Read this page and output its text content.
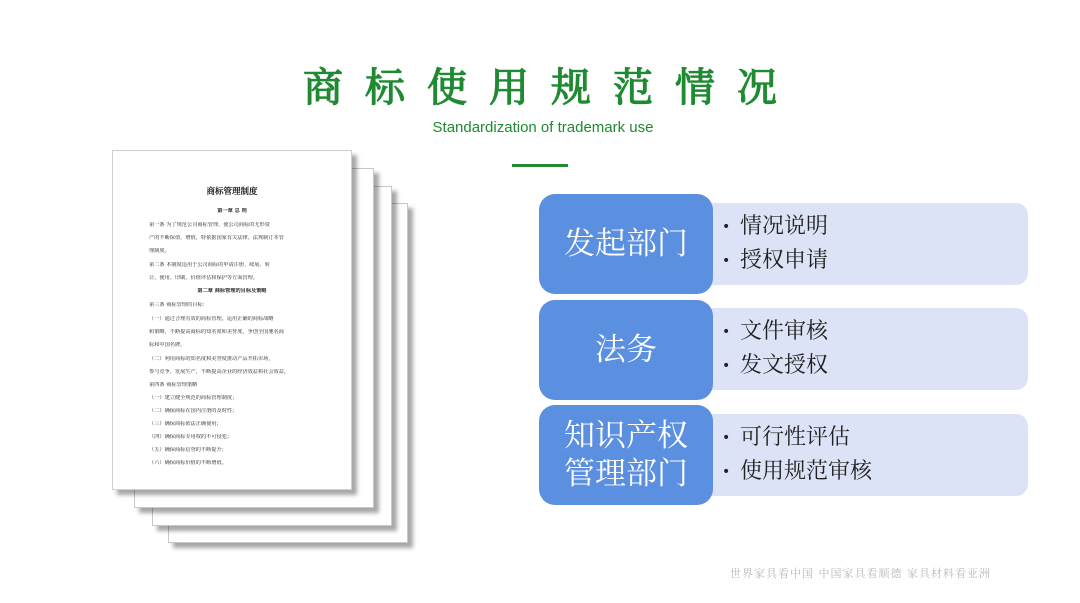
商标使用规范情况
Standardization of trademark use
商标管理制度
第一章 总 则
第一条 为了规范公司商标管理，使公司商标的无形资
产的不断保值、增值，特依据国家有关法律、法规制订本管
理制度。
第二条 本制度适用于公司商标的申请注册、续展、转
让、使用、印刷、价值评估和保护等方面管理。
第二章 商标管理的目标及策略
第三条 商标管理的目标：
（一）通过合理有效的商标管理，运用正确的商标战略
和策略，不断提高商标的知名度和美誉度，争创全国驰名商
标和中国名牌。
（二）利用商标的知名度和美誉度推动产品开拓市场，
参与竞争，发展生产，不断提高企业的经济效益和社会效益。
第四条 商标管理策略
（一）建立健全规范的商标管理制度；
（二）确保商标在国内注册的及时性；
（三）确保商标依法正确使用；
（四）确保商标专用权的不可侵犯；
（五）确保商标信誉的不断提升；
（六）确保商标价值的不断增值。
发起部门 • 情况说明
• 授权申请
法务	• 文件审核
• 发文授权
知识产权
管理部门
• 可行性评估
• 使用规范审核
世界家具看中国 中国家具看顺德 家具材料看亚洲
